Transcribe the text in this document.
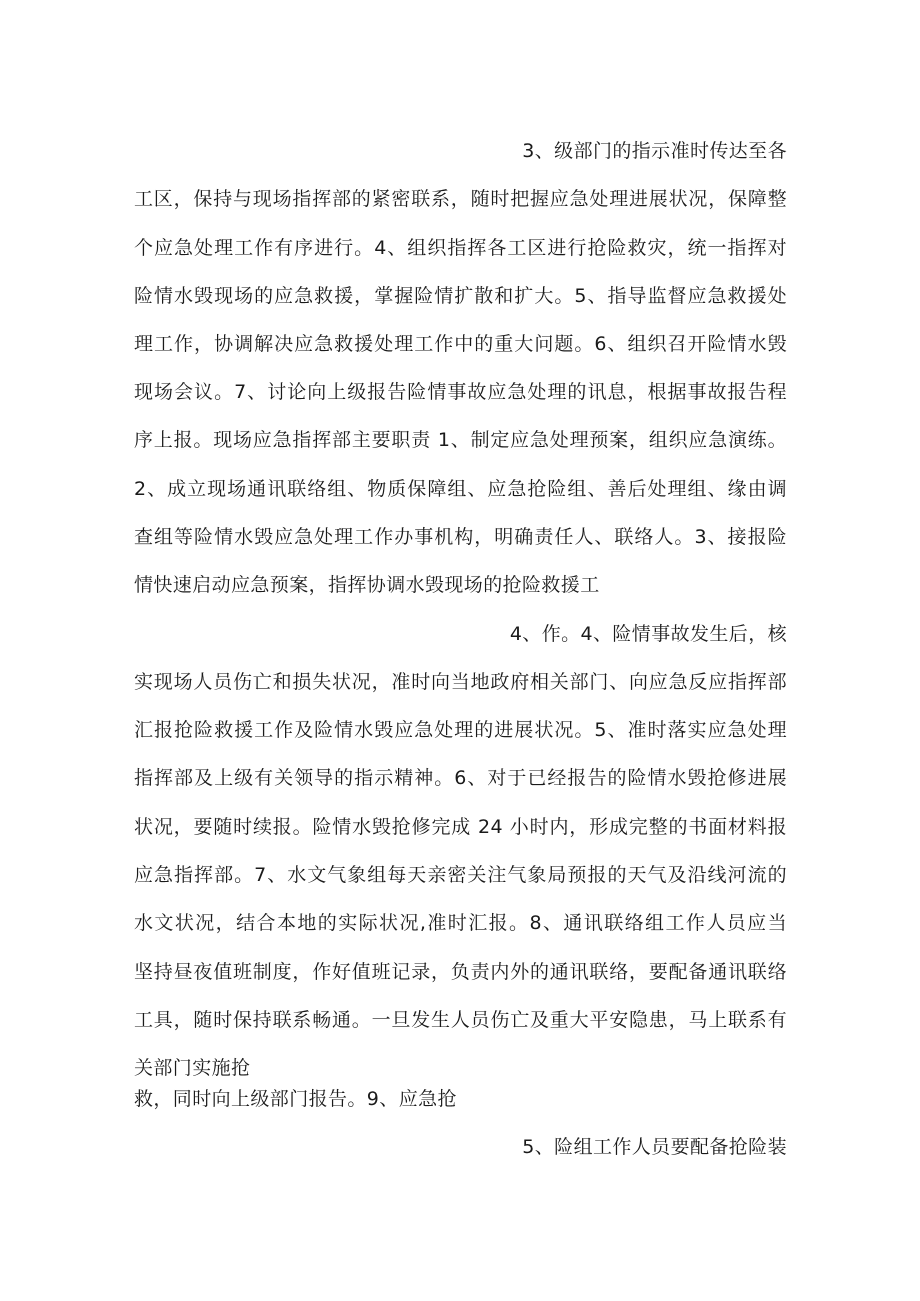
3、级部门的指示准时传达至各
工区，保持与现场指挥部的紧密联系，随时把握应急处理进展状况，保障整
个应急处理工作有序进行。4、组织指挥各工区进行抢险救灾，统一指挥对
险情水毁现场的应急救援，掌握险情扩散和扩大。5、指导监督应急救援处
理工作，协调解决应急救援处理工作中的重大问题。6、组织召开险情水毁
现场会议。7、讨论向上级报告险情事故应急处理的讯息，根据事故报告程
序上报。现场应急指挥部主要职责 1、制定应急处理预案，组织应急演练。
2、成立现场通讯联络组、物质保障组、应急抢险组、善后处理组、缘由调
查组等险情水毁应急处理工作办事机构，明确责任人、联络人。3、接报险
情快速启动应急预案，指挥协调水毁现场的抢险救援工
4、作。4、险情事故发生后，核
实现场人员伤亡和损失状况，准时向当地政府相关部门、向应急反应指挥部
汇报抢险救援工作及险情水毁应急处理的进展状况。5、准时落实应急处理
指挥部及上级有关领导的指示精神。6、对于已经报告的险情水毁抢修进展
状况，要随时续报。险情水毁抢修完成 24 小时内，形成完整的书面材料报
应急指挥部。7、水文气象组每天亲密关注气象局预报的天气及沿线河流的
水文状况，结合本地的实际状况,准时汇报。8、通讯联络组工作人员应当
坚持昼夜值班制度，作好值班记录，负责内外的通讯联络，要配备通讯联络
工具，随时保持联系畅通。一旦发生人员伤亡及重大平安隐患，马上联系有
关部门实施抢
救，同时向上级部门报告。9、应急抢
5、险组工作人员要配备抢险装
